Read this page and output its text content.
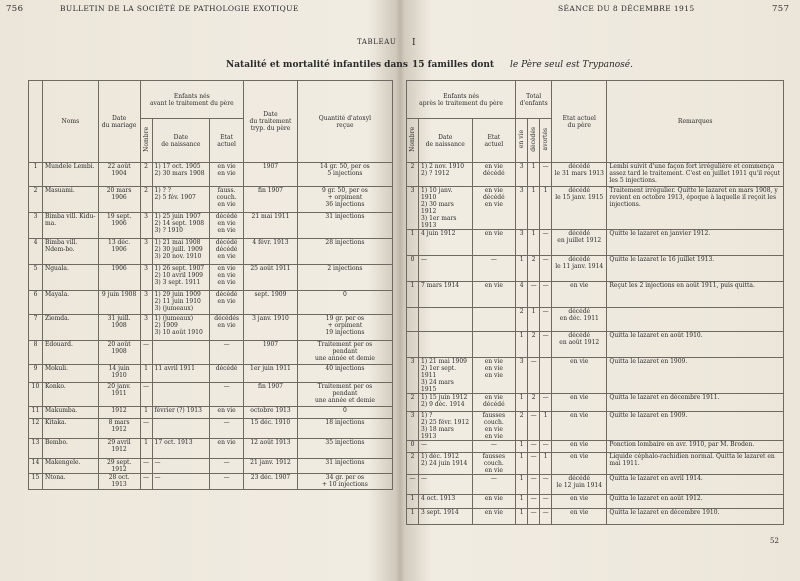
756	BULLETIN DE LA SOCIÉTÉ DE PATHOLOGIE EXOTIQUE	SÉANCE DU 8 DÉCEMBRE 1915	757
TABLEAU I
Natalité et mortalité infantiles dans 15 familles dont le Père seul est Trypanosé.
	Noms	Date
du mariage	Enfants nés
avant le traitement du père			Date
du traitement
tryp. du père	Quantité d'atoxyl
reçue
			Nombre	Date
de naissance	Etat
actuel		
1	Mundele Lembi.	22 août 1904	2	1) 17 oct. 1905
2) 30 mars 1908	en vie
en vie	1907	14 gr. 50, per os
5 injections
2	Masuami.	20 mars 1906	2	1) ? ?
2) 5 fév. 1907	fauss. couch.
en vie	fin 1907	9 gr. 50, per os
+ orpiment
36 injections
3	Bimba vill. Kidu-ma.	19 sept. 1906	3	1) 25 juin 1907
2) 14 sept. 1908
3) ? 1910	décédé
en vie
en vie	21 mai 1911	31 injections
4	Bimba vill. Ndem-bo.	13 déc. 1906	3	1) 21 mai 1908
2) 30 juill. 1909
3) 20 nov. 1910	décédé
décédé
en vie	4 févr. 1913	28 injections
5	Nguala.	1906	3	1) 26 sept. 1907
2) 10 avril 1909
3) 3 sept. 1911	en vie
en vie
en vie	25 août 1911	2 injections
6	Mayala.	9 juin 1908	3	1) 29 juin 1909
2) 11 juin 1910
3) (jumeaux)	décédé
en vie	sept. 1909	0
7	Ziemda.	31 juill. 1908	3	1) (jumeaux)
2) 1909
3) 10 août 1910	décédés
en vie	3 janv. 1910	19 gr. per os
+ orpiment
19 injections
8	Edouard.	20 août 1908	—		—	1907	Traitement per os
pendant
une année et demie
9	Mokuli.	14 juin 1910	1	11 avril 1911	décédé	1er juin 1911	40 injections
10	Konko.	20 janv. 1911	—		—	fin 1907	Traitement per os
pendant
une année et demie
11	Makumba.	1912	1	février (?) 1913	en vie	octobre 1913	0
12	Kitaka.	8 mars 1912	—		—	15 déc. 1910	18 injections
13	Bembo.	29 avril 1912	1	17 oct. 1913	en vie	12 août 1913	35 injections
14	Makengele.	29 sept. 1912	—	—	—	21 janv. 1912	31 injections
15	Ntona.	28 oct. 1913	—	—	—	23 déc. 1907	34 gr. per os
+ 10 injections
Enfants nés
après le traitement du père			Total
d'enfants			Etat actuel
du père	Remarques
Nombre	Date
de naissance	Etat
actuel	en vie	décédés	avortés		
2	1) 2 nov. 1910
2) ? 1912	en vie
décédé	3	1	—	décédé
le 31 mars 1913	Lembi suivit d'une façon fort irrégulière et commença assez tard le traitement. C'est en juillet 1911 qu'il reçut les 5 injections.
3	1) 10 janv. 1910
2) 30 mars 1912
3) 1er mars 1913	en vie
décédé
en vie	3	1	1	décédé
le 15 janv. 1915	Traitement irrégulier. Quitte le lazaret en mars 1908, y revient en octobre 1913, époque à laquelle il reçoit les injections.
1	4 juin 1912	en vie	3	1	—	décédé
en juillet 1912	Quitte le lazaret en janvier 1912.
0	—	—	1	2	—	décédé
le 11 janv. 1914	Quitte le lazaret le 16 juillet 1913.
1	7 mars 1914	en vie	4	—	—	en vie	Reçut les 2 injections en août 1911, puis quitta.
			2	1	—	décédé
en déc. 1911	
			1	2	—	décédé
en août 1912	Quitta le lazaret en août 1910.
3	1) 21 mai 1909
2) 1er sept. 1911
3) 24 mars 1915	en vie
en vie
en vie	3	—		en vie	Quitta le lazaret en 1909.
2	1) 15 juin 1912
2) 9 déc. 1914	en vie
décédé	1	2	—	en vie	Quitta le lazaret en décembre 1911.
3	1) ?
2) 25 févr. 1912
3) 18 mars 1913	fausses couch.
en vie
en vie	2	—	1	en vie	Quitte le lazaret en 1909.
0	—	—	1	—	—	en vie	Ponction lombaire en avr. 1910, par M. Broden.
2	1) déc. 1912
2) 24 juin 1914	fausses couch.
en vie	1	—	1	en vie	Liquide céphalo-rachidien normal. Quitta le lazaret en mai 1911.
—	—	—	1	—	—	décédé
le 12 juin 1914	Quitta le lazaret en avril 1914.
1	4 oct. 1913	en vie	1	—	—	en vie	Quitta le lazaret en août 1912.
1	3 sept. 1914	en vie	1	—	—	en vie	Quitta le lazaret en décembre 1910.
52
